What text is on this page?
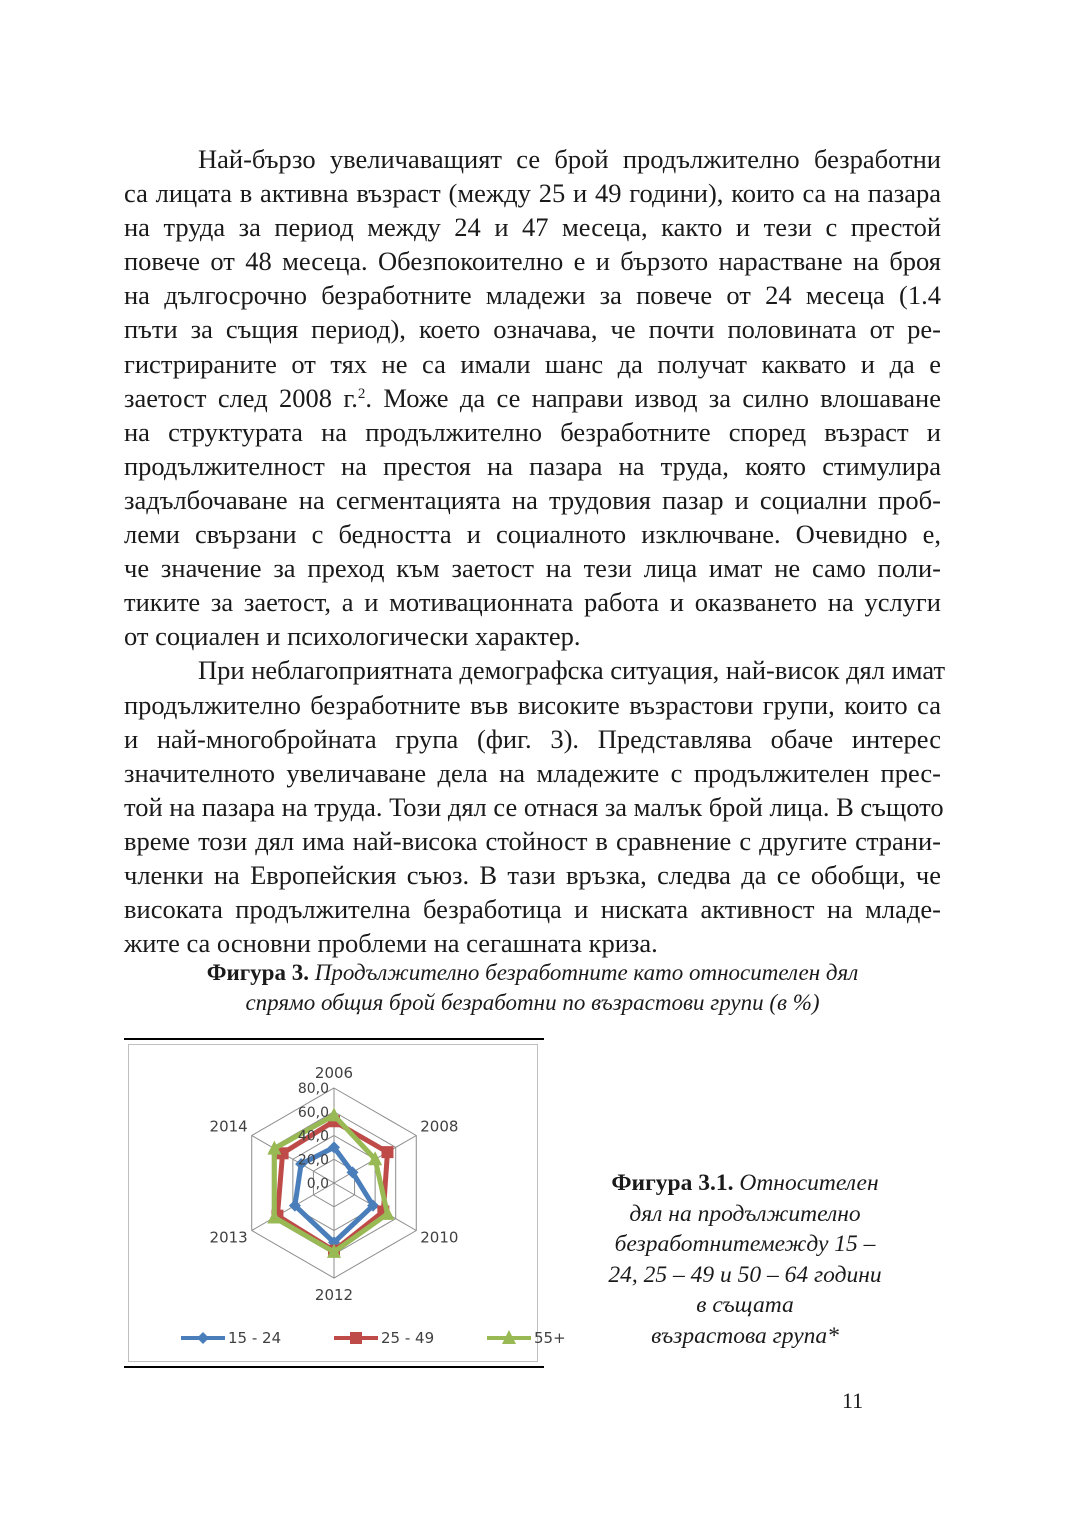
Най-бързо увеличаващият се брой продължително безработни
са лицата в активна възраст (между 25 и 49 години), които са на пазара
на труда за период между 24 и 47 месеца, както и тези с престой
повече от 48 месеца. Обезпокоително е и бързото нарастване на броя
на дългосрочно безработните младежи за повече от 24 месеца (1.4
пъти за същия период), което означава, че почти половината от ре-
гистрираните от тях не са имали шанс да получат каквато и да е
заетост след 2008 г.$^2$. Може да се направи извод за силно влошаване
на структурата на продължително безработните според възраст и
продължителност на престоя на пазара на труда, която стимулира
задълбочаване на сегментацията на трудовия пазар и социални проб-
леми свързани с бедността и социалното изключване. Очевидно е,
че значение за преход към заетост на тези лица имат не само поли-
тиките за заетост, а и мотивационната работа и оказването на услуги
от социален и психологически характер.
При неблагоприятната демографска ситуация, най-висок дял имат
продължително безработните във високите възрастови групи, които са
и най-многобройната група (фиг. 3). Представлява обаче интерес
значителното увеличаване дела на младежите с продължителен прес-
той на пазара на труда. Този дял се отнася за малък брой лица. В същото
време този дял има най-висока стойност в сравнение с другите страни-
членки на Европейския съюз. В тази връзка, следва да се обобщи, че
високата продължителна безработица и ниската активност на младе-
жите са основни проблеми на сегашната криза.
Фигура 3. Продължително безработните като относителен дял
спрямо общия брой безработни по възрастови групи (в %)
0,0
20,0
40,0
60,0
80,0
2006
2008
2010
2012
2013
2014
15 - 24	25 - 49	55+
Фигура 3.1. Относителен
дял на продължително
безработнитемежду 15 –
24, 25 – 49 и 50 – 64 години
в същата
възрастова група*
11
